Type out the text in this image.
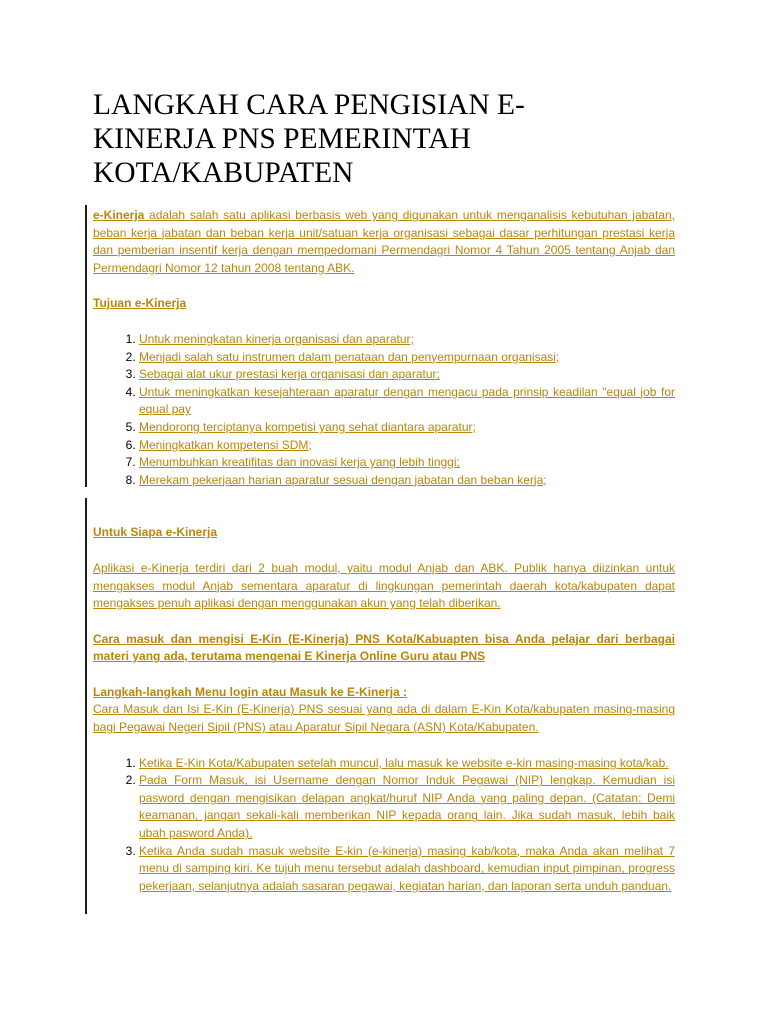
LANGKAH CARA PENGISIAN E-KINERJA PNS PEMERINTAH KOTA/KABUPATEN

e-Kinerja adalah salah satu aplikasi berbasis web yang digunakan untuk menganalisis kebutuhan jabatan, beban kerja jabatan dan beban kerja unit/satuan kerja organisasi sebagai dasar perhitungan prestasi kerja dan pemberian insentif kerja dengan mempedomani Permendagri Nomor 4 Tahun 2005 tentang Anjab dan Permendagri Nomor 12 tahun 2008 tentang ABK.

Tujuan e-Kinerja

1. Untuk meningkatan kinerja organisasi dan aparatur;
2. Menjadi salah satu instrumen dalam penataan dan penyempurnaan organisasi;
3. Sebagai alat ukur prestasi kerja organisasi dan aparatur;
4. Untuk meningkatkan kesejahteraan aparatur dengan mengacu pada prinsip keadilan "equal job for equal pay
5. Mendorong terciptanya kompetisi yang sehat diantara aparatur;
6. Meningkatkan kompetensi SDM;
7. Menumbuhkan kreatifitas dan inovasi kerja yang lebih tinggi;
8. Merekam pekerjaan harian aparatur sesuai dengan jabatan dan beban kerja;

Untuk Siapa e-Kinerja

Aplikasi e-Kinerja terdiri dari 2 buah modul, yaitu modul Anjab dan ABK. Publik hanya diizinkan untuk mengakses modul Anjab sementara aparatur di lingkungan pemerintah daerah kota/kabupaten dapat mengakses penuh aplikasi dengan menggunakan akun yang telah diberikan.

Cara masuk dan mengisi E-Kin (E-Kinerja) PNS Kota/Kabuapten bisa Anda pelajar dari berbagai materi yang ada, terutama mengenai E Kinerja Online Guru atau PNS

Langkah-langkah Menu login atau Masuk ke E-Kinerja :

Cara Masuk dan Isi E-Kin (E-Kinerja) PNS sesuai yang ada di dalam E-Kin Kota/kabupaten masing-masing bagi Pegawai Negeri Sipil (PNS) atau Aparatur Sipil Negara (ASN) Kota/Kabupaten.

1. Ketika E-Kin Kota/Kabupaten setelah muncul, lalu masuk ke website e-kin masing-masing kota/kab.
2. Pada Form Masuk, isi Username dengan Nomor Induk Pegawai (NIP) lengkap. Kemudian isi pasword dengan mengisikan delapan angkat/huruf NIP Anda yang paling depan. (Catatan: Demi keamanan, jangan sekali-kali memberikan NIP kepada orang lain. Jika sudah masuk, lebih baik ubah pasword Anda).
3. Ketika Anda sudah masuk website E-kin (e-kinerja) masing kab/kota, maka Anda akan melihat 7 menu di samping kiri. Ke tujuh menu tersebut adalah dashboard, kemudian input pimpinan, progress pekerjaan, selanjutnya adalah sasaran pegawai, kegiatan harian, dan laporan serta unduh panduan.
